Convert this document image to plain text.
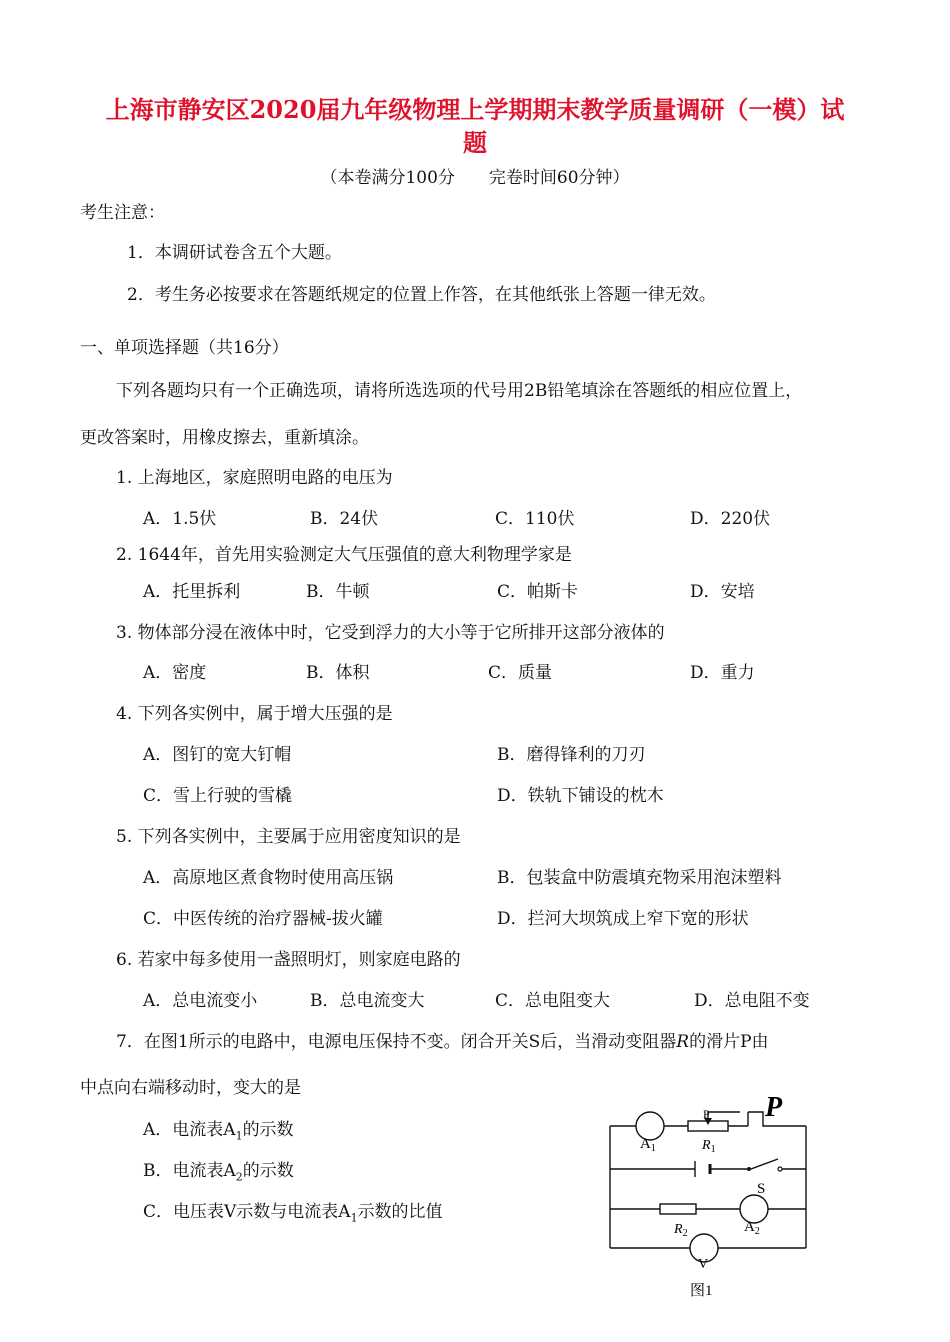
上海市静安区2020届九年级物理上学期期末教学质量调研（一模）试
题
（本卷满分100分　　完卷时间60分钟）
考生注意：
1．本调研试卷含五个大题。
2．考生务必按要求在答题纸规定的位置上作答，在其他纸张上答题一律无效。
一、单项选择题（共16分）
下列各题均只有一个正确选项，请将所选选项的代号用2B铅笔填涂在答题纸的相应位置上，
更改答案时，用橡皮擦去，重新填涂。
1. 上海地区，家庭照明电路的电压为
A．1.5伏	B．24伏	C．110伏	D．220伏
2. 1644年，首先用实验测定大气压强值的意大利物理学家是
A．托里拆利	B．牛顿	C．帕斯卡	D．安培
3. 物体部分浸在液体中时，它受到浮力的大小等于它所排开这部分液体的
A．密度	B．体积	C．质量	D．重力
4. 下列各实例中，属于增大压强的是
A．图钉的宽大钉帽	B．磨得锋利的刀刃
C．雪上行驶的雪橇	D．铁轨下铺设的枕木
5. 下列各实例中，主要属于应用密度知识的是
A．高原地区煮食物时使用高压锅	B．包装盒中防震填充物采用泡沫塑料
C．中医传统的治疗器械-拔火罐	D．拦河大坝筑成上窄下宽的形状
6. 若家中每多使用一盏照明灯，则家庭电路的
A．总电流变小	B．总电流变大	C．总电阻变大	D．总电阻不变
7．在图1所示的电路中，电源电压保持不变。闭合开关S后，当滑动变阻器R的滑片P由
中点向右端移动时，变大的是
A．电流表$A_1$的示数
B．电流表$A_2$的示数
C．电压表V示数与电流表$A_1$示数的比值
P
P
$A_1$	$R_1$
S
$A_2$
$R_2$
V
图1
